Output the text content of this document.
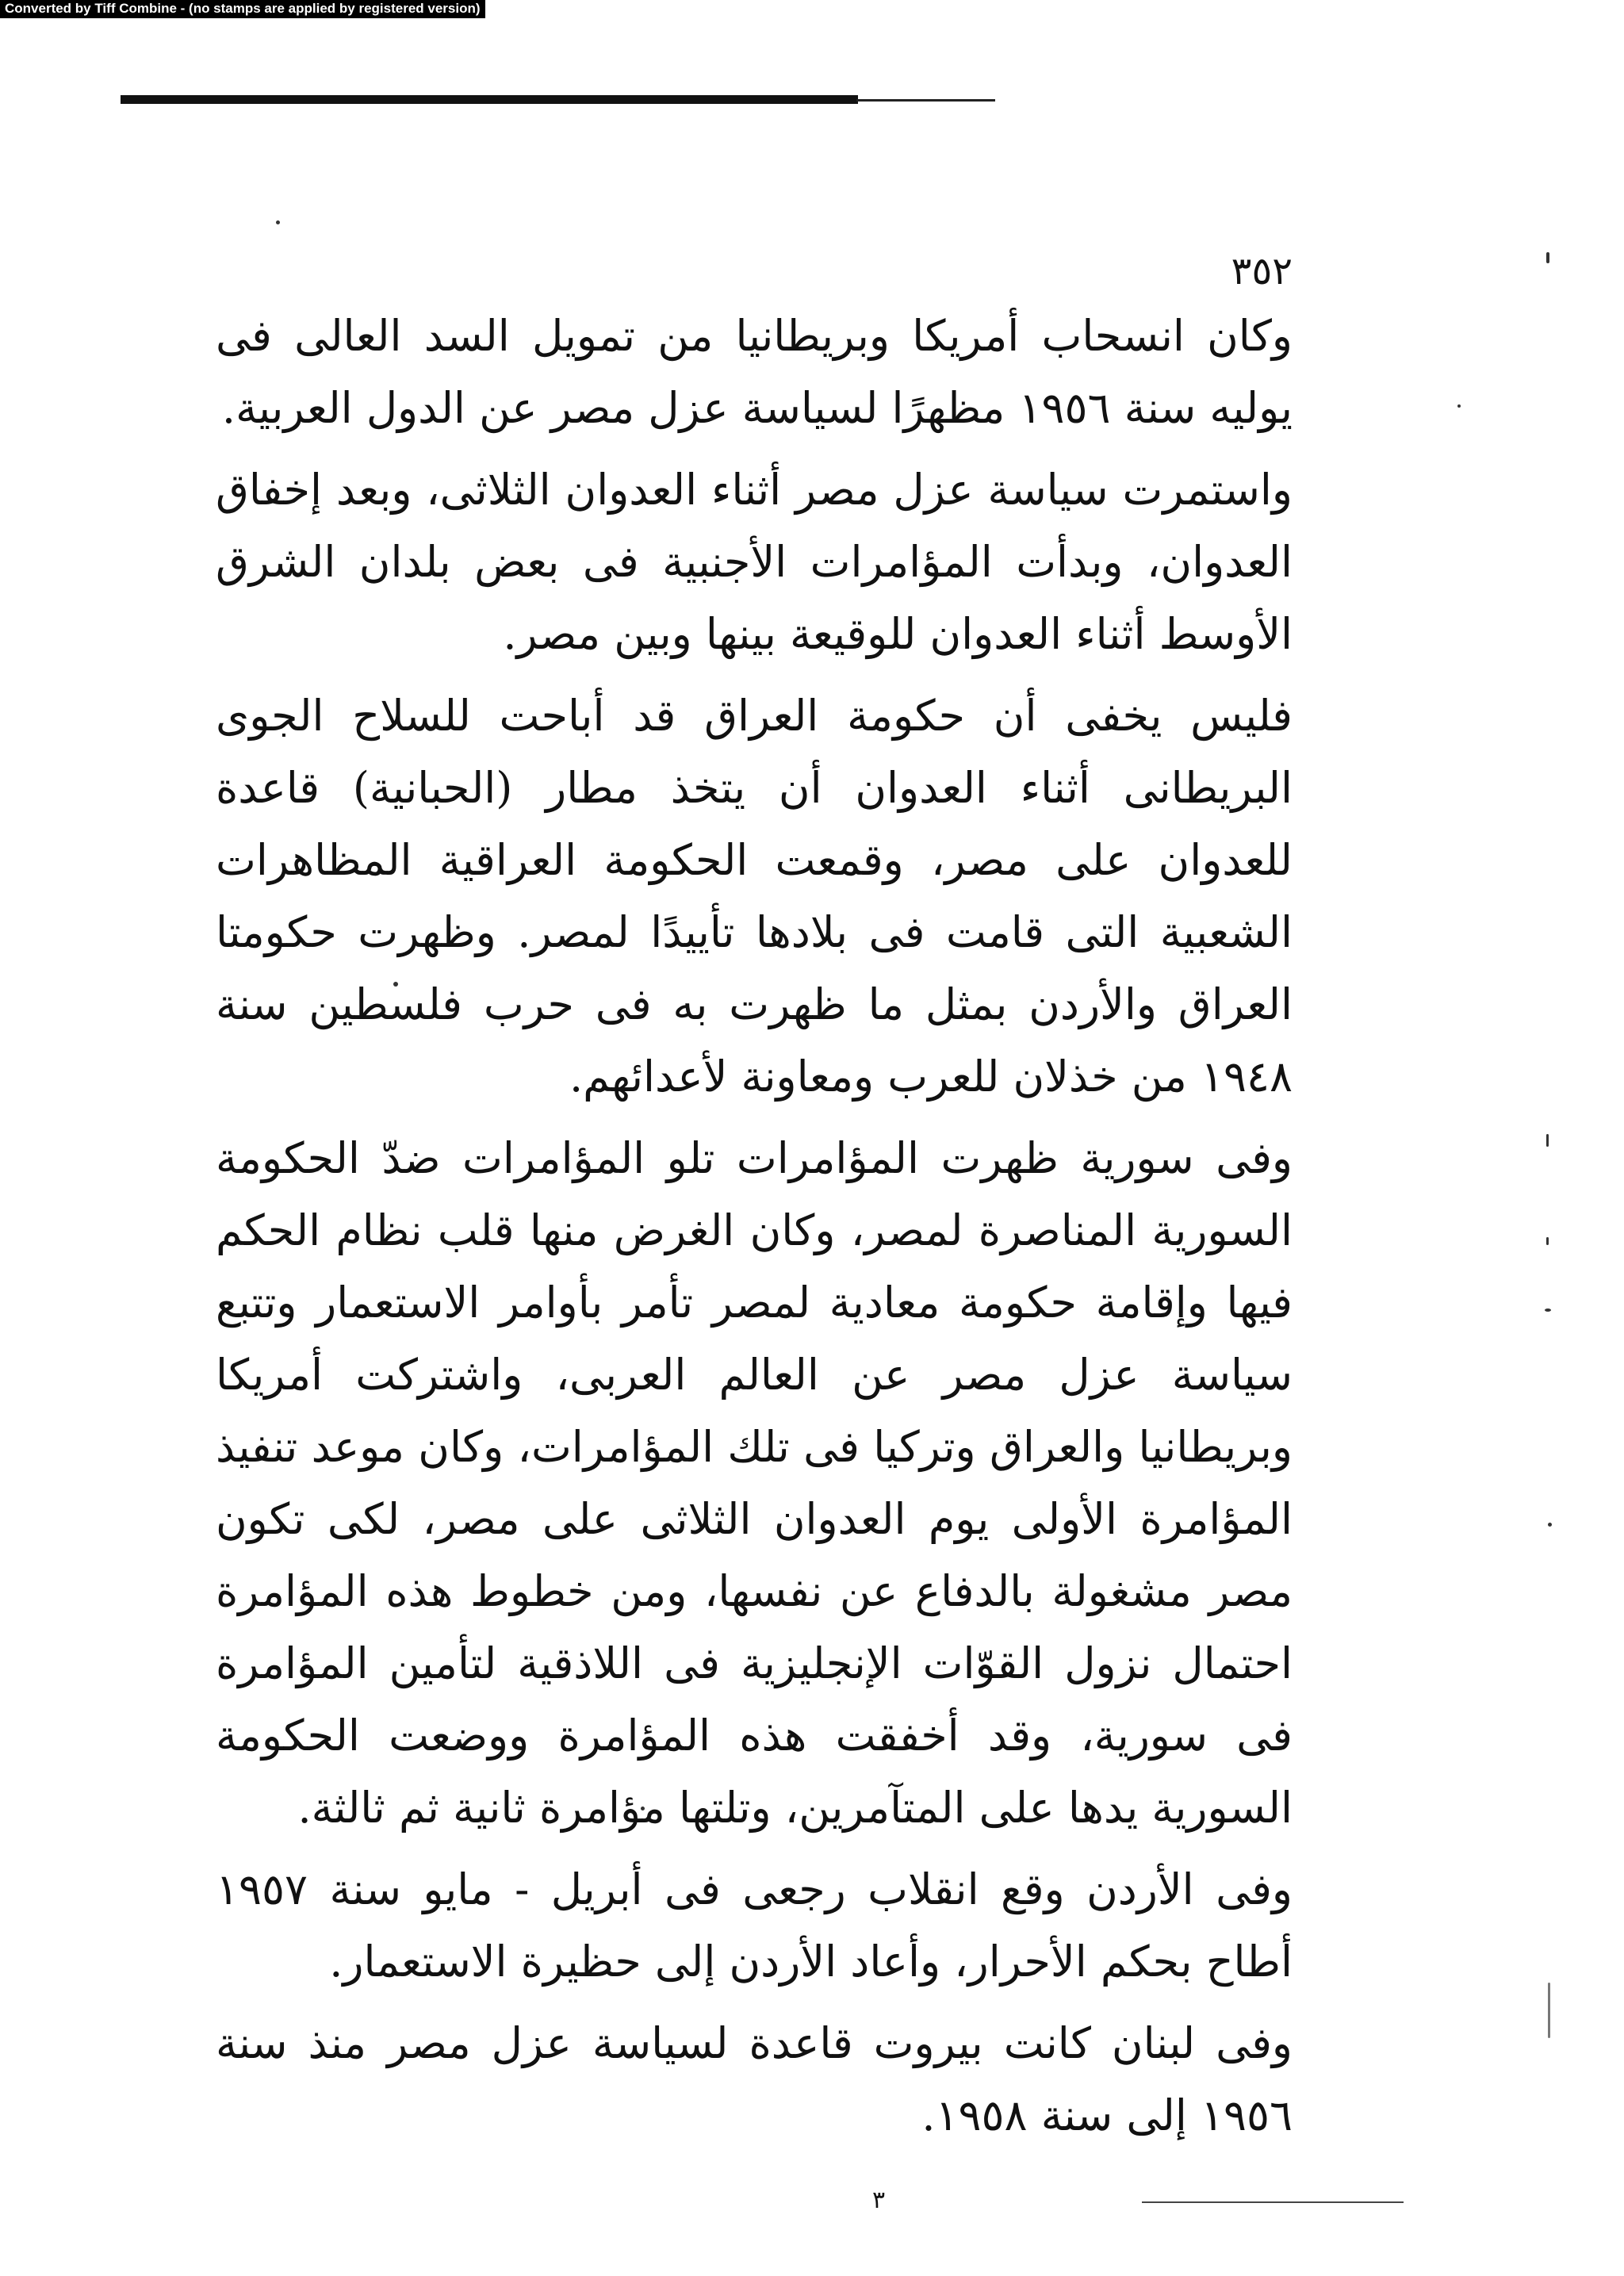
Converted by Tiff Combine - (no stamps are applied by registered version)
٣٥٢

وكان انسحاب أمريكا وبريطانيا من تمويل السد العالى فى يوليه سنة ١٩٥٦ مظهرًا لسياسة عزل مصر عن الدول العربية.

واستمرت سياسة عزل مصر أثناء العدوان الثلاثى، وبعد إخفاق العدوان، وبدأت المؤامرات الأجنبية فى بعض بلدان الشرق الأوسط أثناء العدوان للوقيعة بينها وبين مصر.

فليس يخفى أن حكومة العراق قد أباحت للسلاح الجوى البريطانى أثناء العدوان أن يتخذ مطار (الحبانية) قاعدة للعدوان على مصر، وقمعت الحكومة العراقية المظاهرات الشعبية التى قامت فى بلادها تأييدًا لمصر. وظهرت حكومتا العراق والأردن بمثل ما ظهرت به فى حرب فلسطين سنة ١٩٤٨ من خذلان للعرب ومعاونة لأعدائهم.

وفى سورية ظهرت المؤامرات تلو المؤامرات ضدّ الحكومة السورية المناصرة لمصر، وكان الغرض منها قلب نظام الحكم فيها وإقامة حكومة معادية لمصر تأمر بأوامر الاستعمار وتتبع سياسة عزل مصر عن العالم العربى، واشتركت أمريكا وبريطانيا والعراق وتركيا فى تلك المؤامرات، وكان موعد تنفيذ المؤامرة الأولى يوم العدوان الثلاثى على مصر، لكى تكون مصر مشغولة بالدفاع عن نفسها، ومن خطوط هذه المؤامرة احتمال نزول القوّات الإنجليزية فى اللاذقية لتأمين المؤامرة فى سورية، وقد أخفقت هذه المؤامرة ووضعت الحكومة السورية يدها على المتآمرين، وتلتها مؤامرة ثانية ثم ثالثة.

وفى الأردن وقع انقلاب رجعى فى أبريل - مايو سنة ١٩٥٧ أطاح بحكم الأحرار، وأعاد الأردن إلى حظيرة الاستعمار.

وفى لبنان كانت بيروت قاعدة لسياسة عزل مصر منذ سنة ١٩٥٦ إلى سنة ١٩٥٨.

٣
